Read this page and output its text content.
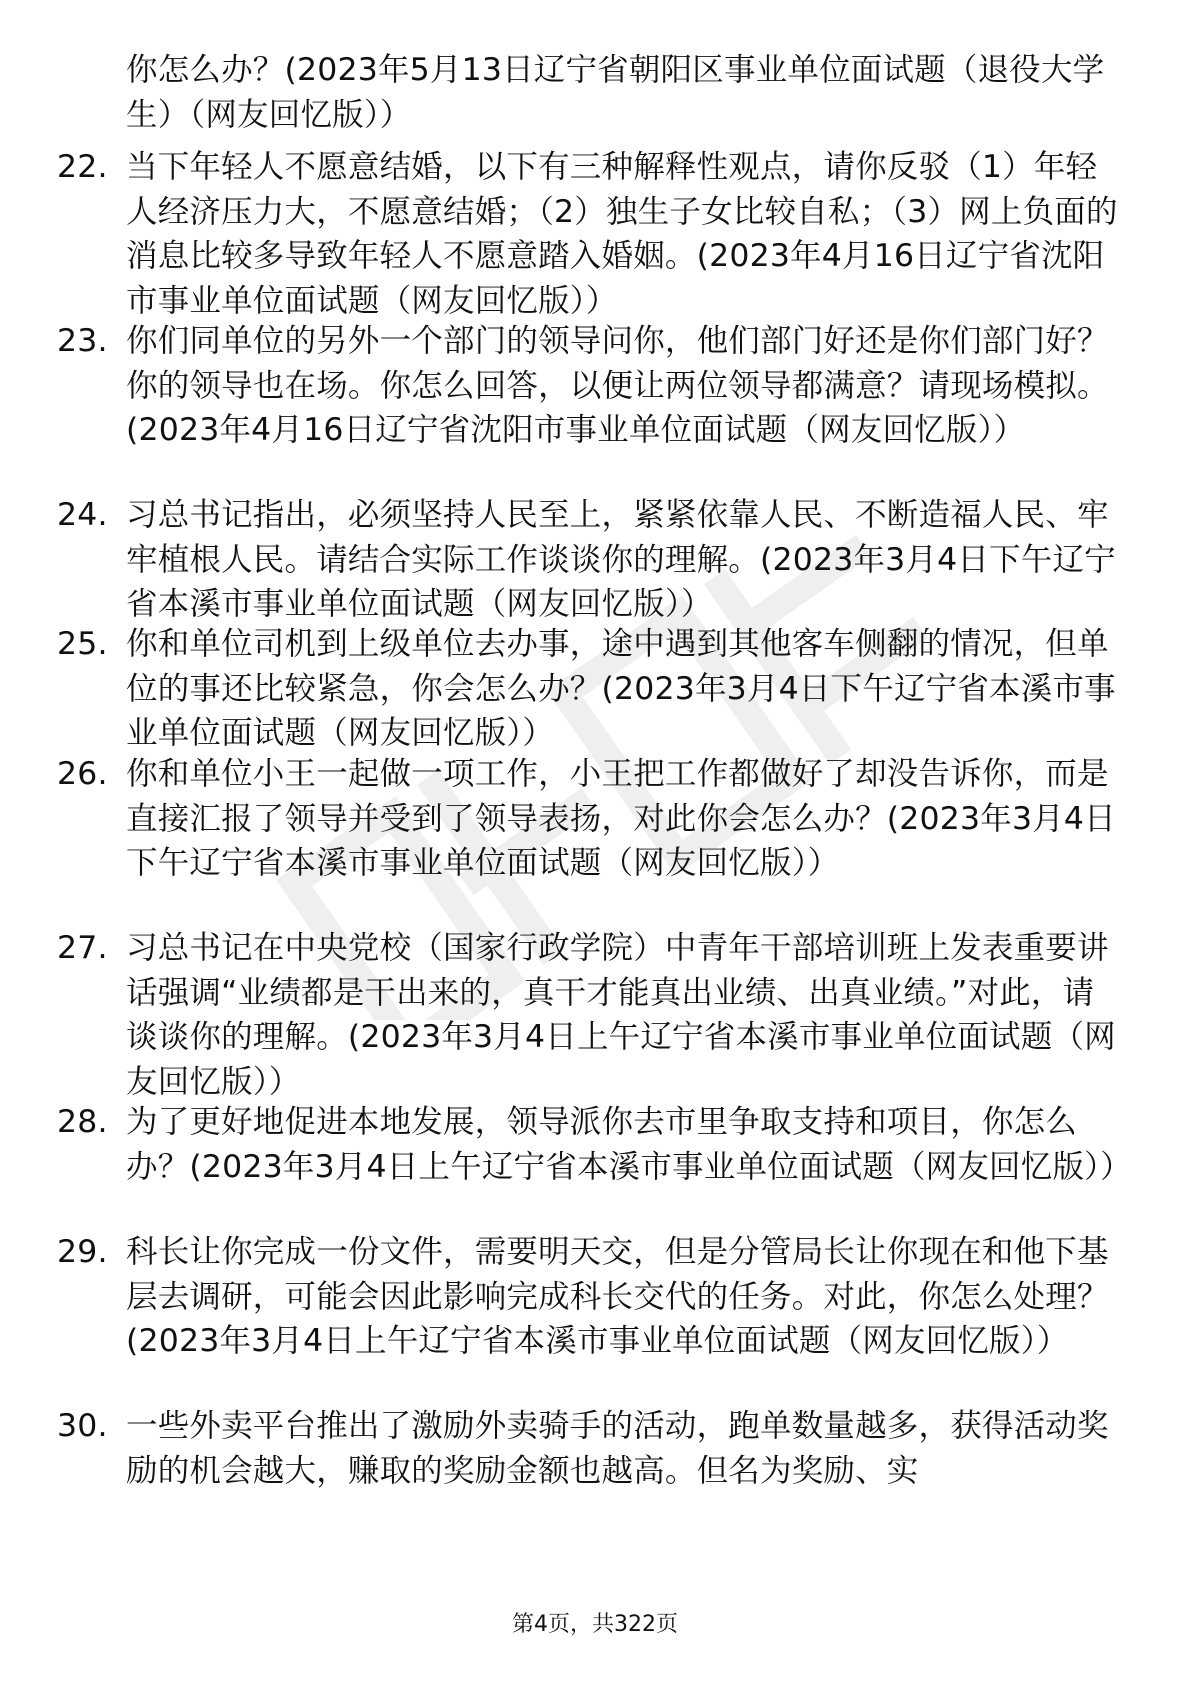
你怎么办？(2023年5月13日辽宁省朝阳区事业单位面试题（退役大学生）（网友回忆版））
22. 当下年轻人不愿意结婚，以下有三种解释性观点，请你反驳（1）年轻人经济压力大，不愿意结婚；（2）独生子女比较自私；（3）网上负面的消息比较多导致年轻人不愿意踏入婚姻。(2023年4月16日辽宁省沈阳市事业单位面试题（网友回忆版））
23. 你们同单位的另外一个部门的领导问你，他们部门好还是你们部门好？你的领导也在场。你怎么回答，以便让两位领导都满意？请现场模拟。(2023年4月16日辽宁省沈阳市事业单位面试题（网友回忆版））
24. 习总书记指出，必须坚持人民至上，紧紧依靠人民、不断造福人民、牢牢植根人民。请结合实际工作谈谈你的理解。(2023年3月4日下午辽宁省本溪市事业单位面试题（网友回忆版））
25. 你和单位司机到上级单位去办事，途中遇到其他客车侧翻的情况，但单位的事还比较紧急，你会怎么办？(2023年3月4日下午辽宁省本溪市事业单位面试题（网友回忆版））
26. 你和单位小王一起做一项工作，小王把工作都做好了却没告诉你，而是直接汇报了领导并受到了领导表扬，对此你会怎么办？(2023年3月4日下午辽宁省本溪市事业单位面试题（网友回忆版））
27. 习总书记在中央党校（国家行政学院）中青年干部培训班上发表重要讲话强调“业绩都是干出来的，真干才能真出业绩、出真业绩。”对此，请谈谈你的理解。(2023年3月4日上午辽宁省本溪市事业单位面试题（网友回忆版））
28. 为了更好地促进本地发展，领导派你去市里争取支持和项目，你怎么办？(2023年3月4日上午辽宁省本溪市事业单位面试题（网友回忆版））
29. 科长让你完成一份文件，需要明天交，但是分管局长让你现在和他下基层去调研，可能会因此影响完成科长交代的任务。对此，你怎么处理？(2023年3月4日上午辽宁省本溪市事业单位面试题（网友回忆版））
30. 一些外卖平台推出了激励外卖骑手的活动，跑单数量越多，获得活动奖励的机会越大，赚取的奖励金额也越高。但名为奖励、实
第4页，共322页
